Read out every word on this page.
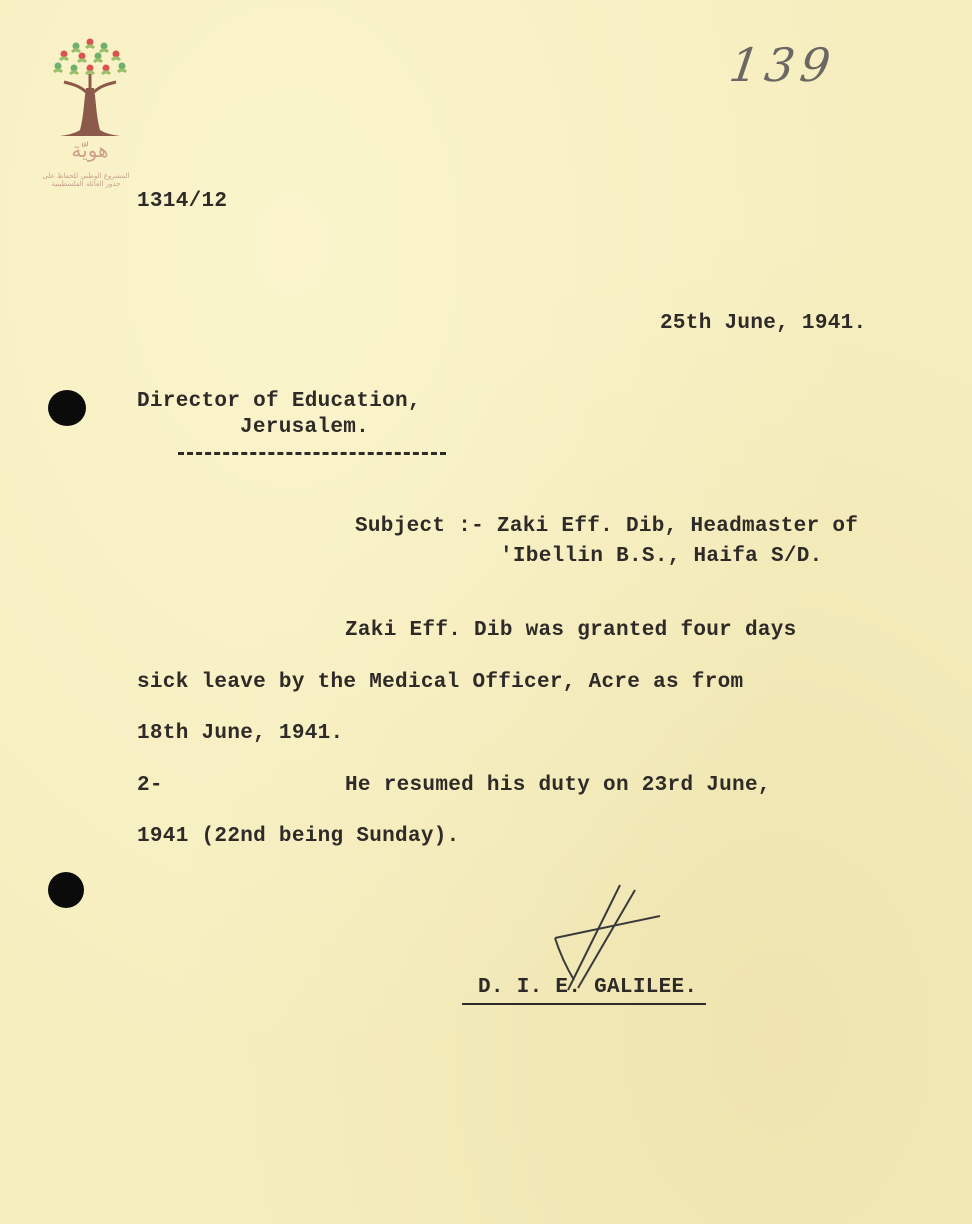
هويّة
المشروع الوطني للحفاظ على
جذور العائلة الفلسطينية
139
1314/12
25th June, 1941.
Director of Education,
Jerusalem.
Subject :- Zaki Eff. Dib, Headmaster of
'Ibellin B.S., Haifa S/D.
Zaki Eff. Dib was granted four days
sick leave by the Medical Officer, Acre as from
18th June, 1941.
2-	He resumed his duty on 23rd June,
1941 (22nd being Sunday).
D. I. E. GALILEE.
